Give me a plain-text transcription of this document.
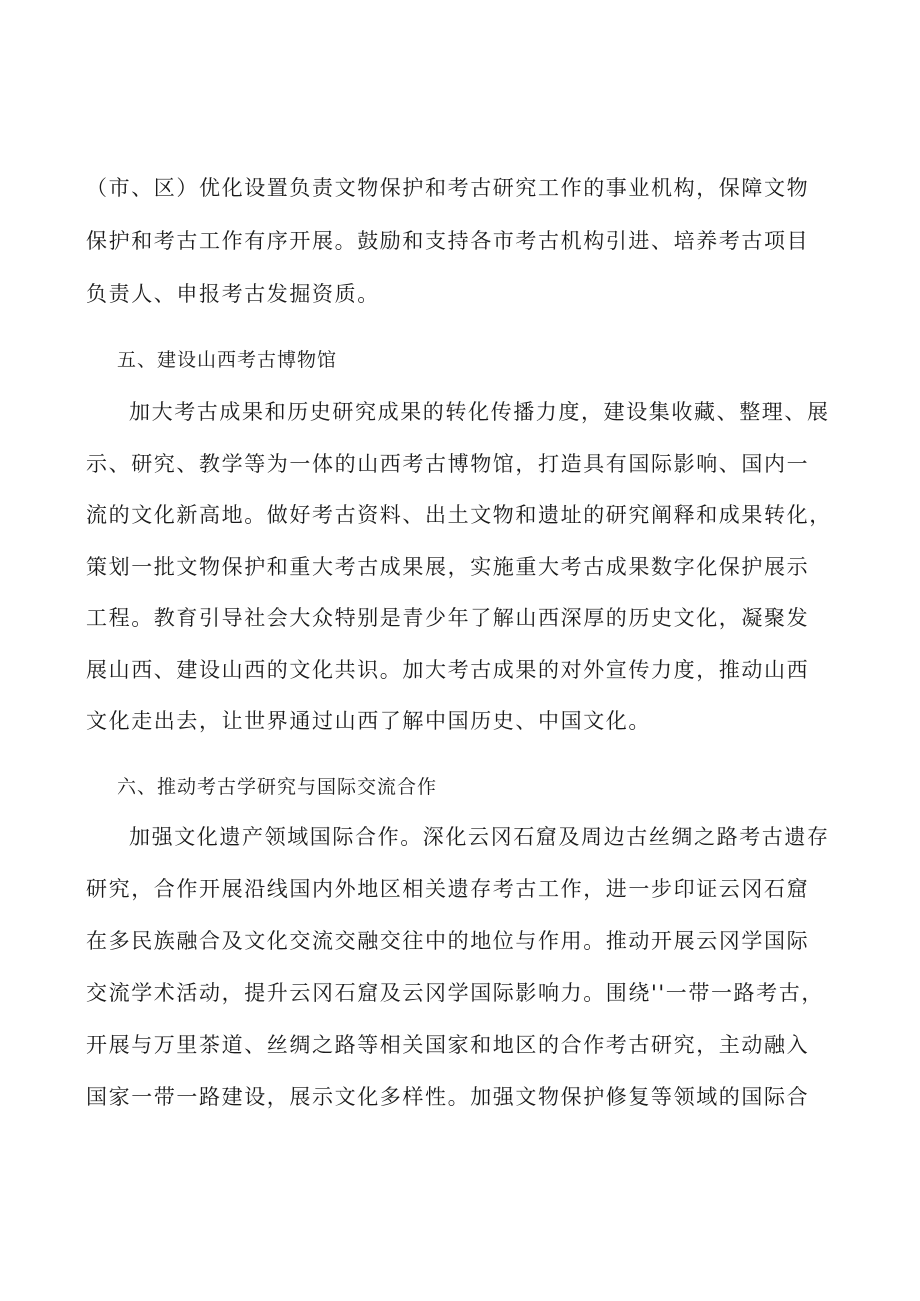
（市、区）优化设置负责文物保护和考古研究工作的事业机构，保障文物
保护和考古工作有序开展。鼓励和支持各市考古机构引进、培养考古项目
负责人、申报考古发掘资质。
五、建设山西考古博物馆
加大考古成果和历史研究成果的转化传播力度，建设集收藏、整理、展
示、研究、教学等为一体的山西考古博物馆，打造具有国际影响、国内一
流的文化新高地。做好考古资料、出土文物和遗址的研究阐释和成果转化，
策划一批文物保护和重大考古成果展，实施重大考古成果数字化保护展示
工程。教育引导社会大众特别是青少年了解山西深厚的历史文化，凝聚发
展山西、建设山西的文化共识。加大考古成果的对外宣传力度，推动山西
文化走出去，让世界通过山西了解中国历史、中国文化。
六、推动考古学研究与国际交流合作
加强文化遗产领域国际合作。深化云冈石窟及周边古丝绸之路考古遗存
研究，合作开展沿线国内外地区相关遗存考古工作，进一步印证云冈石窟
在多民族融合及文化交流交融交往中的地位与作用。推动开展云冈学国际
交流学术活动，提升云冈石窟及云冈学国际影响力。围绕''一带一路考古，
开展与万里茶道、丝绸之路等相关国家和地区的合作考古研究，主动融入
国家一带一路建设，展示文化多样性。加强文物保护修复等领域的国际合
